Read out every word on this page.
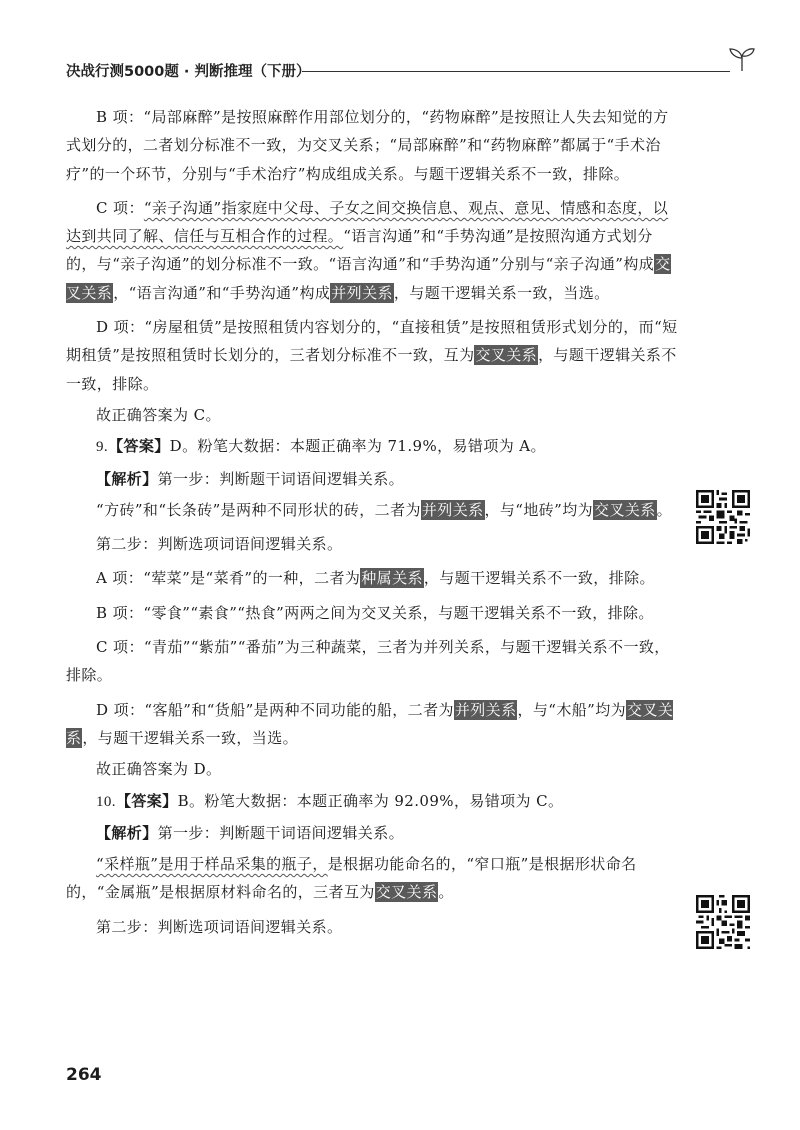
决战行测5000题 · 判断推理（下册）

B 项：“局部麻醉”是按照麻醉作用部位划分的，“药物麻醉”是按照让人失去知觉的方式划分的，二者划分标准不一致，为交叉关系；“局部麻醉”和“药物麻醉”都属于“手术治疗”的一个环节，分别与“手术治疗”构成组成关系。与题干逻辑关系不一致，排除。

C 项：“亲子沟通”指家庭中父母、子女之间交换信息、观点、意见、情感和态度，以达到共同了解、信任与互相合作的过程。“语言沟通”和“手势沟通”是按照沟通方式划分的，与“亲子沟通”的划分标准不一致。“语言沟通”和“手势沟通”分别与“亲子沟通”构成交叉关系，“语言沟通”和“手势沟通”构成并列关系，与题干逻辑关系一致，当选。

D 项：“房屋租赁”是按照租赁内容划分的，“直接租赁”是按照租赁形式划分的，而“短期租赁”是按照租赁时长划分的，三者划分标准不一致，互为交叉关系，与题干逻辑关系不一致，排除。

故正确答案为 C。

9.【答案】D。粉笔大数据：本题正确率为 71.9%，易错项为 A。

【解析】第一步：判断题干词语间逻辑关系。

“方砖”和“长条砖”是两种不同形状的砖，二者为并列关系，与“地砖”均为交叉关系。

第二步：判断选项词语间逻辑关系。

A 项：“荤菜”是“菜肴”的一种，二者为种属关系，与题干逻辑关系不一致，排除。

B 项：“零食”“素食”“热食”两两之间为交叉关系，与题干逻辑关系不一致，排除。

C 项：“青茄”“紫茄”“番茄”为三种蔬菜，三者为并列关系，与题干逻辑关系不一致，排除。

D 项：“客船”和“货船”是两种不同功能的船，二者为并列关系，与“木船”均为交叉关系，与题干逻辑关系一致，当选。

故正确答案为 D。

10.【答案】B。粉笔大数据：本题正确率为 92.09%，易错项为 C。

【解析】第一步：判断题干词语间逻辑关系。

“采样瓶”是用于样品采集的瓶子，是根据功能命名的，“窄口瓶”是根据形状命名的，“金属瓶”是根据原材料命名的，三者互为交叉关系。

第二步：判断选项词语间逻辑关系。

264
